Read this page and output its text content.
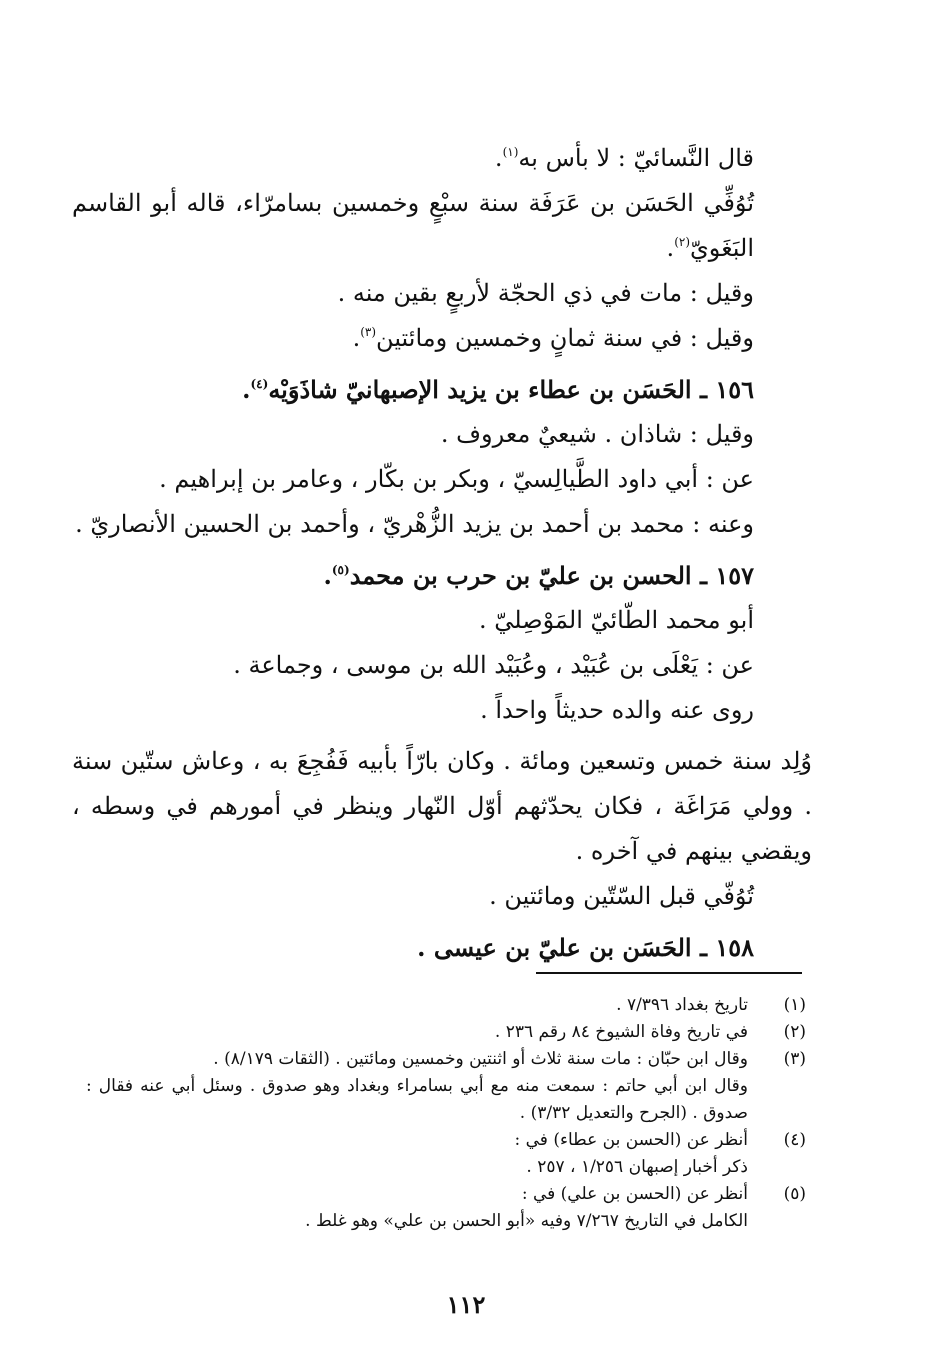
قال النَّسائيّ : لا بأس به$^{(١)}$.

تُوُفِّي الحَسَن بن عَرَفَة سنة سبْعٍ وخمسين بسامرّاء، قاله أبو القاسم البَغَويّ$^{(٢)}$.

وقيل : مات في ذي الحجّة لأربعٍ بقين منه .

وقيل : في سنة ثمانٍ وخمسين ومائتين$^{(٣)}$.

١٥٦ ـ الحَسَن بن عطاء بن يزيد الإصبهانيّ شاذَوَيْه$^{(٤)}$.

وقيل : شاذان . شيعيٌ معروف .

عن : أبي داود الطَّيالِسيّ ، وبكر بن بكّار ، وعامر بن إبراهيم .

وعنه : محمد بن أحمد بن يزيد الزُّهْريّ ، وأحمد بن الحسين الأنصاريّ .

١٥٧ ـ الحسن بن عليّ بن حرب بن محمد$^{(٥)}$.

أبو محمد الطّائيّ المَوْصِليّ .

عن : يَعْلَى بن عُبَيْد ، وعُبَيْد الله بن موسى ، وجماعة .

روى عنه والده حديثاً واحداً .

وُلِد سنة خمس وتسعين ومائة . وكان بارّاً بأبيه فَفُجِعَ به ، وعاش ستّين سنة . وولي مَرَاغَة ، فكان يحدّثهم أوّل النّهار وينظر في أمورهم في وسطه ، ويقضي بينهم في آخره .

تُوُفّي قبل السّتّين ومائتين .

١٥٨ ـ الحَسَن بن عليّ بن عيسى .

(١)
تاريخ بغداد ٧/٣٩٦ .
(٢)
في تاريخ وفاة الشيوخ ٨٤ رقم ٢٣٦ .
(٣)
وقال ابن حبّان : مات سنة ثلاث أو اثنتين وخمسين ومائتين . (الثقات ٨/١٧٩) .
وقال ابن أبي حاتم : سمعت منه مع أبي بسامراء وبغداد وهو صدوق . وسئل أبي عنه فقال : صدوق . (الجرح والتعديل ٣/٣٢) .
(٤)
أنظر عن (الحسن بن عطاء) في :
ذكر أخبار إصبهان ١/٢٥٦ ، ٢٥٧ .
(٥)
أنظر عن (الحسن بن علي) في :
الكامل في التاريخ ٧/٢٦٧ وفيه «أبو الحسن بن علي» وهو غلط .
١١٢
